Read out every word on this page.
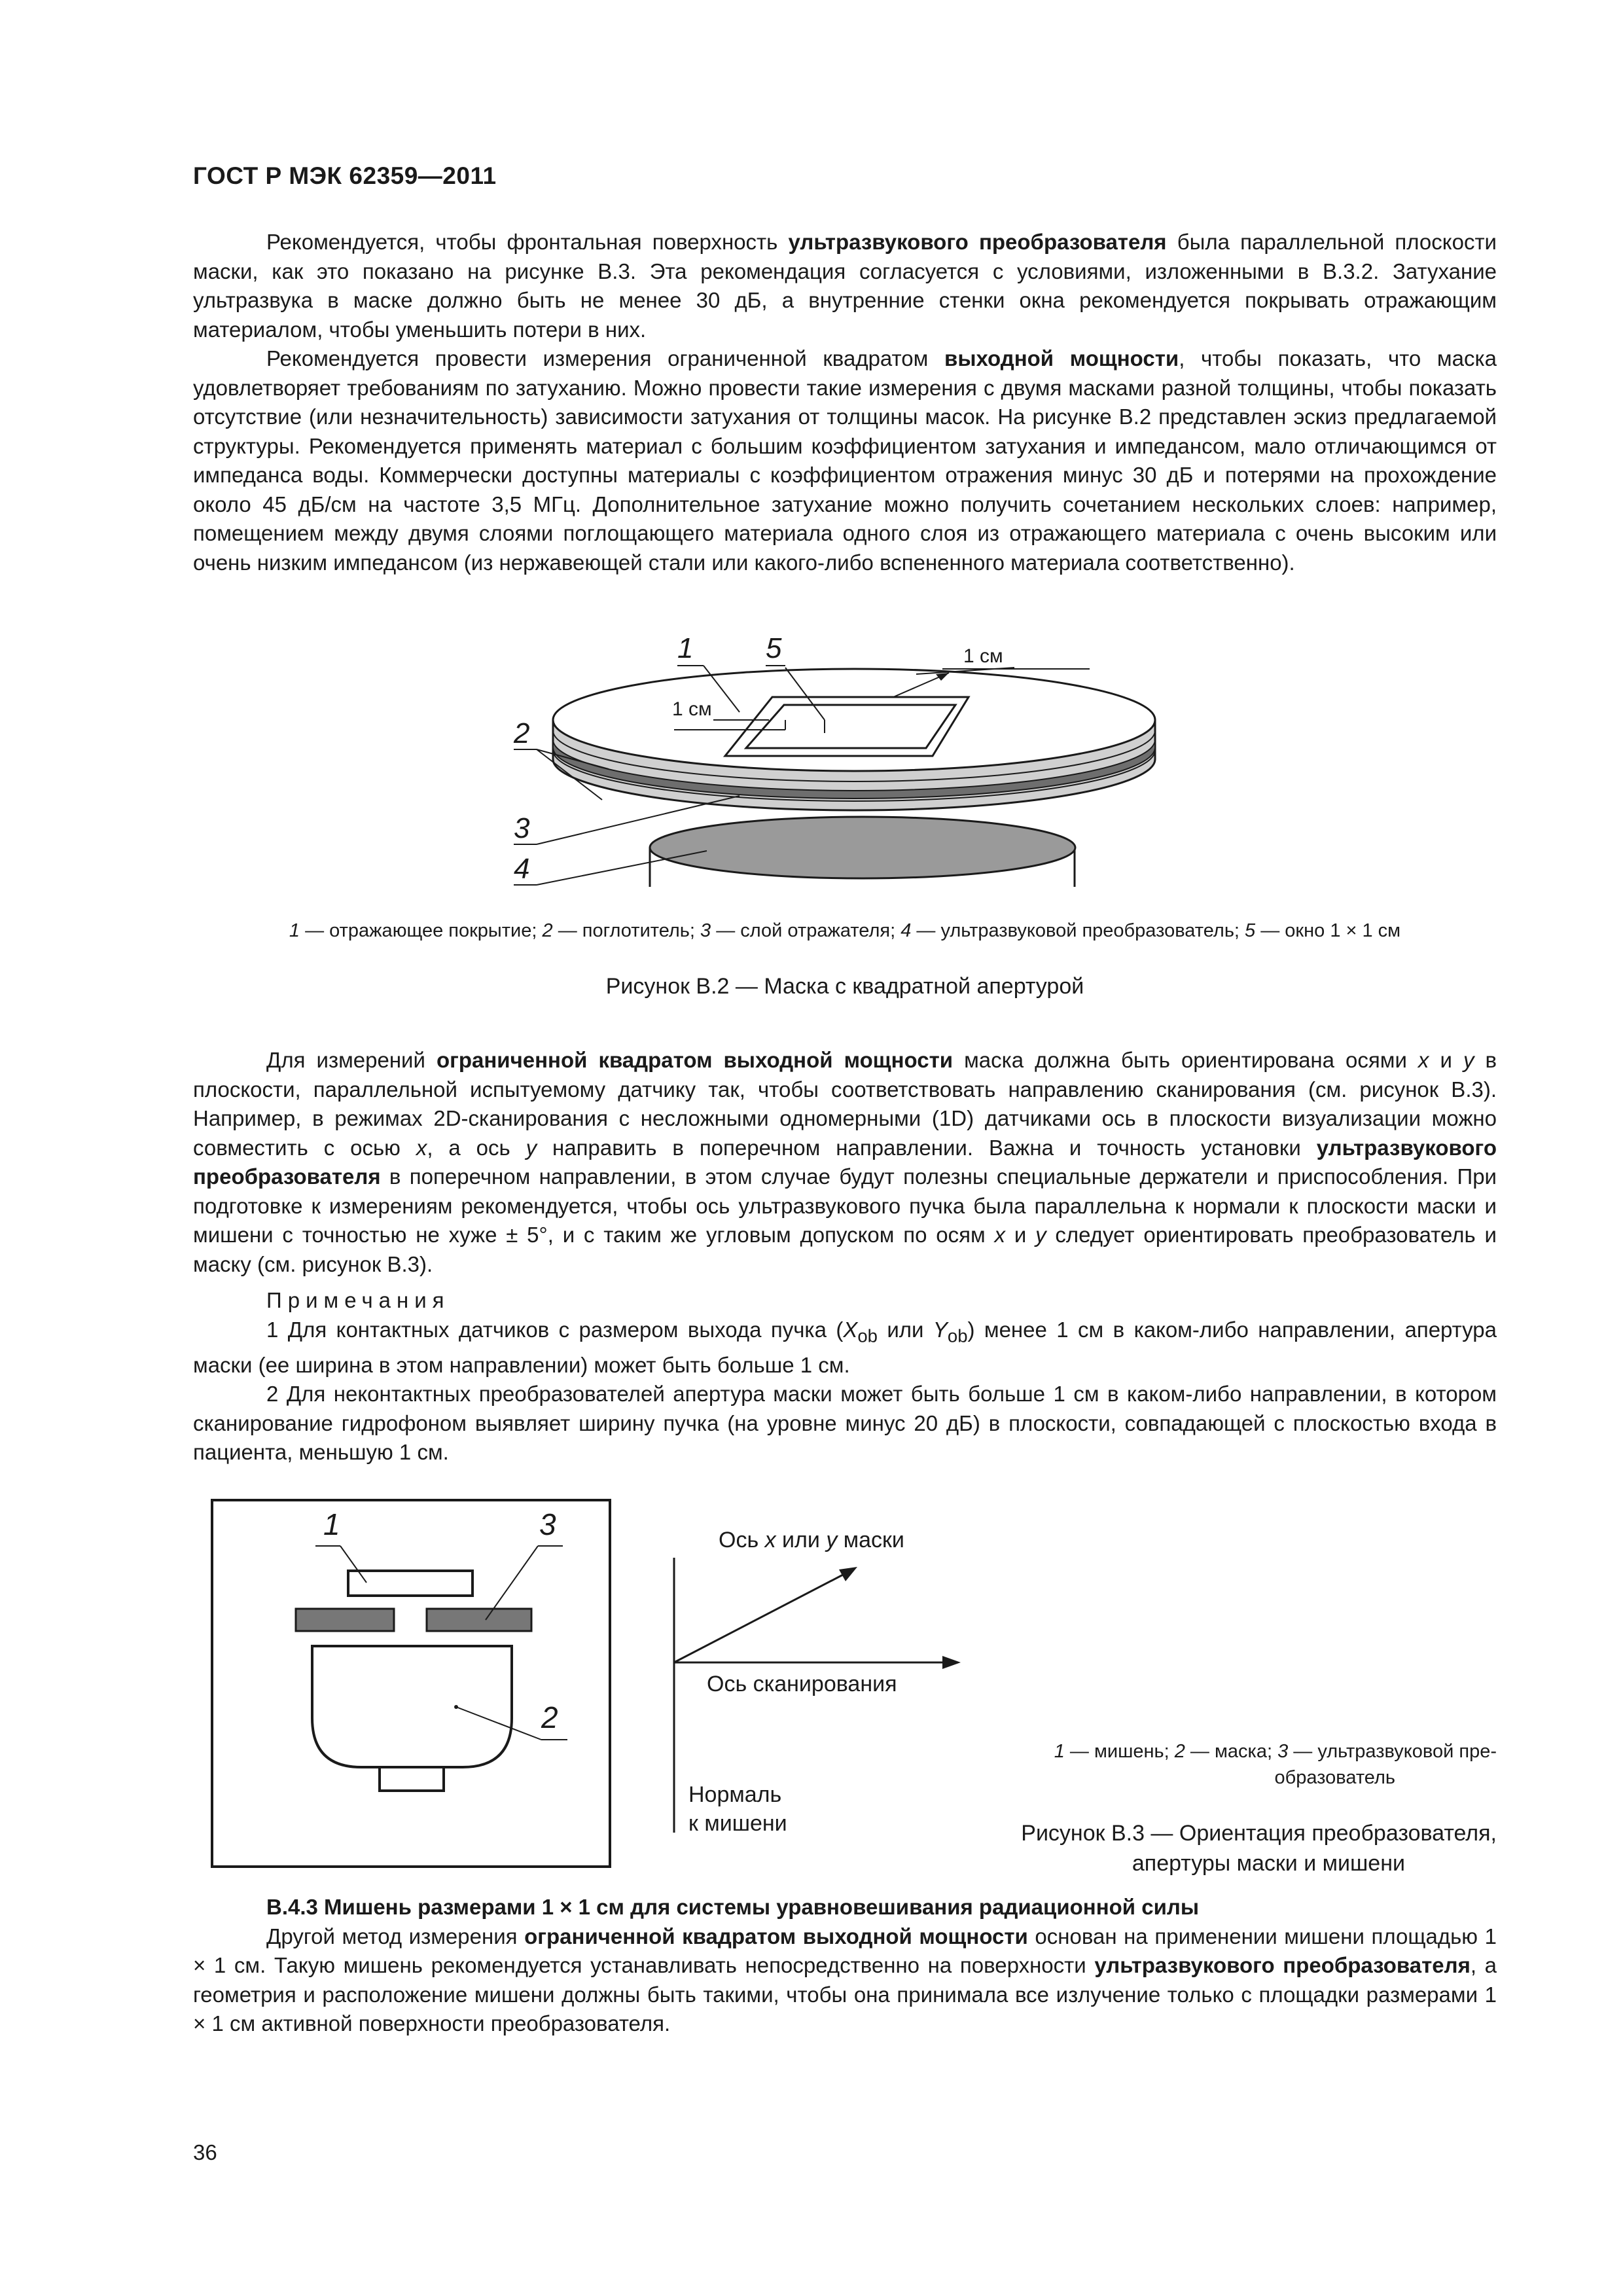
ГОСТ Р МЭК 62359—2011

Рекомендуется, чтобы фронтальная поверхность ультразвукового преобразователя была параллельной плоскости маски, как это показано на рисунке В.3. Эта рекомендация согласуется с условиями, изложенными в В.3.2. Затухание ультразвука в маске должно быть не менее 30 дБ, а внутренние стенки окна рекомендуется покрывать отражающим материалом, чтобы уменьшить потери в них.

Рекомендуется провести измерения ограниченной квадратом выходной мощности, чтобы показать, что маска удовлетворяет требованиям по затуханию. Можно провести такие измерения с двумя масками разной толщины, чтобы показать отсутствие (или незначительность) зависимости затухания от толщины масок. На рисунке В.2 представлен эскиз предлагаемой структуры. Рекомендуется применять материал с большим коэффициентом затухания и импедансом, мало отличающимся от импеданса воды. Коммерчески доступны материалы с коэффициентом отражения минус 30 дБ и потерями на прохождение около 45 дБ/см на частоте 3,5 МГц. Дополнительное затухание можно получить сочетанием нескольких слоев: например, помещением между двумя слоями поглощающего материала одного слоя из отражающего материала с очень высоким или очень низким импедансом (из нержавеющей стали или какого-либо вспененного материала соответственно).

1 см
1 см
1	5
2
3
4
1 — отражающее покрытие; 2 — поглотитель; 3 — слой отражателя; 4 — ультразвуковой преобразователь; 5 — окно 1 × 1 см
Рисунок В.2 — Маска с квадратной апертурой

Для измерений ограниченной квадратом выходной мощности маска должна быть ориентирована осями x и y в плоскости, параллельной испытуемому датчику так, чтобы соответствовать направлению сканирования (см. рисунок В.3). Например, в режимах 2D-сканирования с несложными одномерными (1D) датчиками ось в плоскости визуализации можно совместить с осью x, а ось y направить в поперечном направлении. Важна и точность установки ультразвукового преобразователя в поперечном направлении, в этом случае будут полезны специальные держатели и приспособления. При подготовке к измерениям рекомендуется, чтобы ось ультразвукового пучка была параллельна к нормали к плоскости маски и мишени с точностью не хуже ± 5°, и с таким же угловым допуском по осям x и y следует ориентировать преобразователь и маску (см. рисунок В.3).

Примечания

1 Для контактных датчиков с размером выхода пучка ($X_{ob}$ или $Y_{ob}$) менее 1 см в каком-либо направлении, апертура маски (ее ширина в этом направлении) может быть больше 1 см.

2 Для неконтактных преобразователей апертура маски может быть больше 1 см в каком-либо направлении, в котором сканирование гидрофоном выявляет ширину пучка (на уровне минус 20 дБ) в плоскости, совпадающей с плоскостью входа в пациента, меньшую 1 см.

1	3
2
Ось x или y маски
Ось сканирования
Нормаль
к мишени
1 — мишень; 2 — маска; 3 — ультразвуковой пре-
образователь
Рисунок В.3 — Ориентация преобразователя,
апертуры маски и мишени

В.4.3 Мишень размерами 1 × 1 см для системы уравновешивания радиационной силы

Другой метод измерения ограниченной квадратом выходной мощности основан на применении мишени площадью 1 × 1 см. Такую мишень рекомендуется устанавливать непосредственно на поверхности ультразвукового преобразователя, а геометрия и расположение мишени должны быть такими, чтобы она принимала все излучение только с площадки размерами 1 × 1 см активной поверхности преобразователя.

36
